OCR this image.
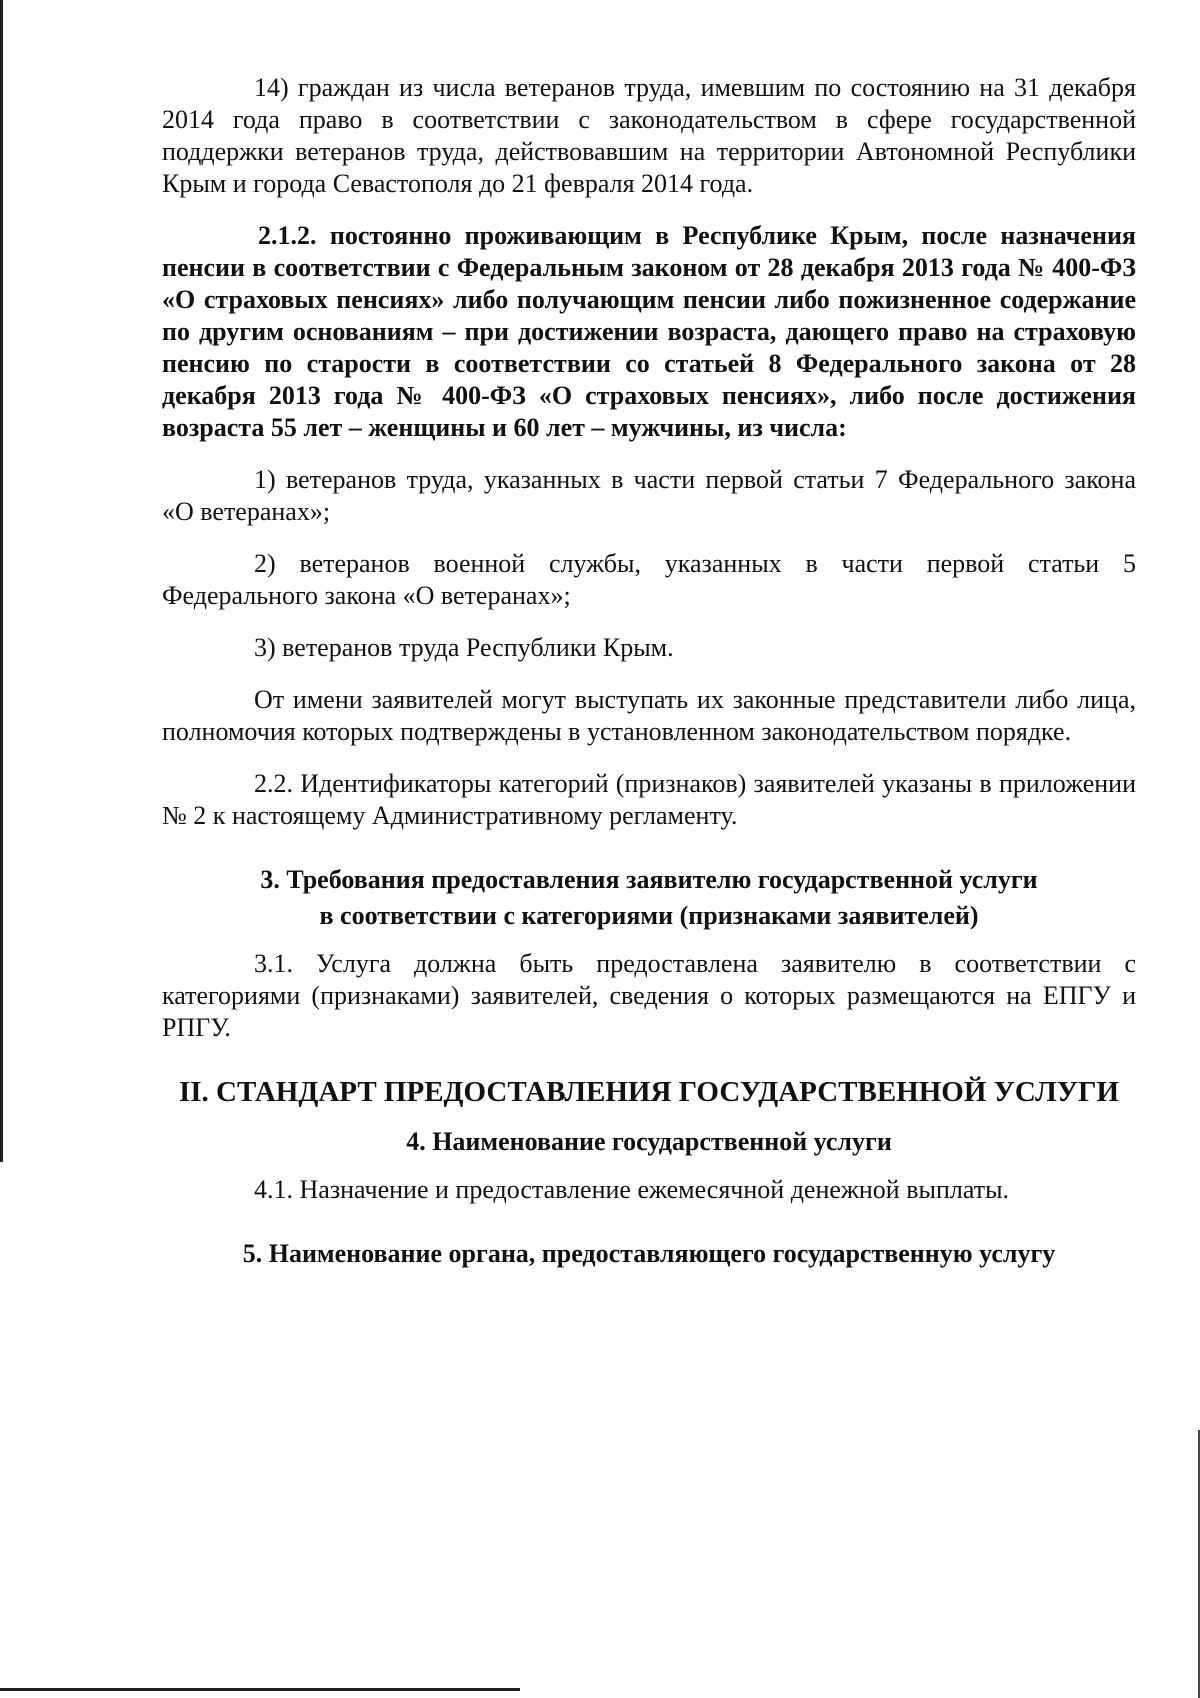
14) граждан из числа ветеранов труда, имевшим по состоянию на 31 декабря 2014 года право в соответствии с законодательством в сфере государственной поддержки ветеранов труда, действовавшим на территории Автономной Республики Крым и города Севастополя до 21 февраля 2014 года.

2.1.2. постоянно проживающим в Республике Крым, после назначения пенсии в соответствии с Федеральным законом от 28 декабря 2013 года № 400-ФЗ «О страховых пенсиях» либо получающим пенсии либо пожизненное содержание по другим основаниям – при достижении возраста, дающего право на страховую пенсию по старости в соответствии со статьей 8 Федерального закона от 28 декабря 2013 года № 400-ФЗ «О страховых пенсиях», либо после достижения возраста 55 лет – женщины и 60 лет – мужчины, из числа:

1) ветеранов труда, указанных в части первой статьи 7 Федерального закона «О ветеранах»;

2) ветеранов военной службы, указанных в части первой статьи 5 Федерального закона «О ветеранах»;

3) ветеранов труда Республики Крым.

От имени заявителей могут выступать их законные представители либо лица, полномочия которых подтверждены в установленном законодательством порядке.

2.2. Идентификаторы категорий (признаков) заявителей указаны в приложении № 2 к настоящему Административному регламенту.

3. Требования предоставления заявителю государственной услуги
в соответствии с категориями (признаками заявителей)

3.1. Услуга должна быть предоставлена заявителю в соответствии с категориями (признаками) заявителей, сведения о которых размещаются на ЕПГУ и РПГУ.

II. СТАНДАРТ ПРЕДОСТАВЛЕНИЯ ГОСУДАРСТВЕННОЙ УСЛУГИ
4. Наименование государственной услуги

4.1. Назначение и предоставление ежемесячной денежной выплаты.

5. Наименование органа, предоставляющего государственную услугу
